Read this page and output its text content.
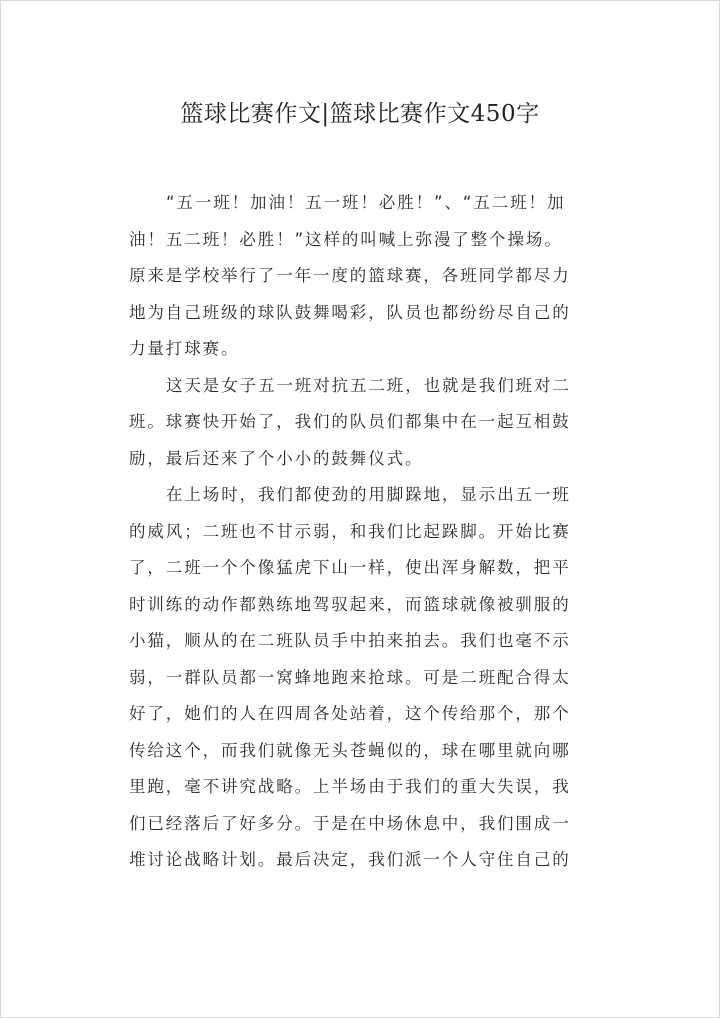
篮球比赛作文|篮球比赛作文450字
“五一班！加油！五一班！必胜！”、“五二班！加
油！五二班！必胜！”这样的叫喊上弥漫了整个操场。
原来是学校举行了一年一度的篮球赛，各班同学都尽力
地为自己班级的球队鼓舞喝彩，队员也都纷纷尽自己的
力量打球赛。
这天是女子五一班对抗五二班，也就是我们班对二
班。球赛快开始了，我们的队员们都集中在一起互相鼓
励，最后还来了个小小的鼓舞仪式。
在上场时，我们都使劲的用脚跺地，显示出五一班
的威风；二班也不甘示弱，和我们比起跺脚。开始比赛
了，二班一个个像猛虎下山一样，使出浑身解数，把平
时训练的动作都熟练地驾驭起来，而篮球就像被驯服的
小猫，顺从的在二班队员手中拍来拍去。我们也毫不示
弱，一群队员都一窝蜂地跑来抢球。可是二班配合得太
好了，她们的人在四周各处站着，这个传给那个，那个
传给这个，而我们就像无头苍蝇似的，球在哪里就向哪
里跑，毫不讲究战略。上半场由于我们的重大失误，我
们已经落后了好多分。于是在中场休息中，我们围成一
堆讨论战略计划。最后决定，我们派一个人守住自己的
